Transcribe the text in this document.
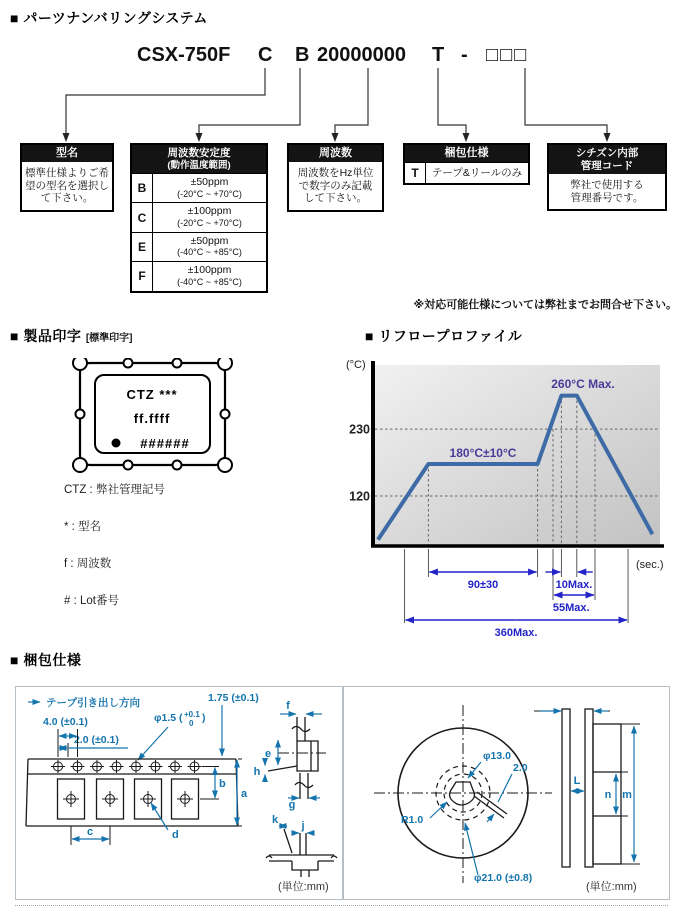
■ パーツナンバリングシステム
CSX-750F C B 20000000 T - □□□
型名
標準仕様よりご希
望の型名を選択し
て下さい。
周波数安定度
(動作温度範囲)
B	±50ppm
(-20°C ~ +70°C)
C	±100ppm
(-20°C ~ +70°C)
E	±50ppm
(-40°C ~ +85°C)
F	±100ppm
(-40°C ~ +85°C)
周波数
周波数をHz単位
で数字のみ記載
して下さい。
梱包仕様
T	テープ&リールのみ
シチズン内部
管理コード
弊社で使用する
管理番号です。
※対応可能仕様については弊社までお問合せ下さい。
■ 製品印字 [標準印字]
CTZ ***
ff.ffff
######
CTZ : 弊社管理記号
* : 型名
f : 周波数
# : Lot番号
■ リフロープロファイル
230
120
90±30	10Max.
55Max.
360Max.
(°C)
(sec.)
260°C Max.
180°C±10°C
■ 梱包仕様
テープ引き出し方向
4.0 (±0.1)
2.0 (±0.1)
φ1.5 ( +0.1
0 )
1.75 (±0.1)
c	d
b
a
f
e
h
g
k j
(単位:mm)
φ13.0
2.0
R1.0
φ21.0 (±0.8)
L
n m
(単位:mm)
